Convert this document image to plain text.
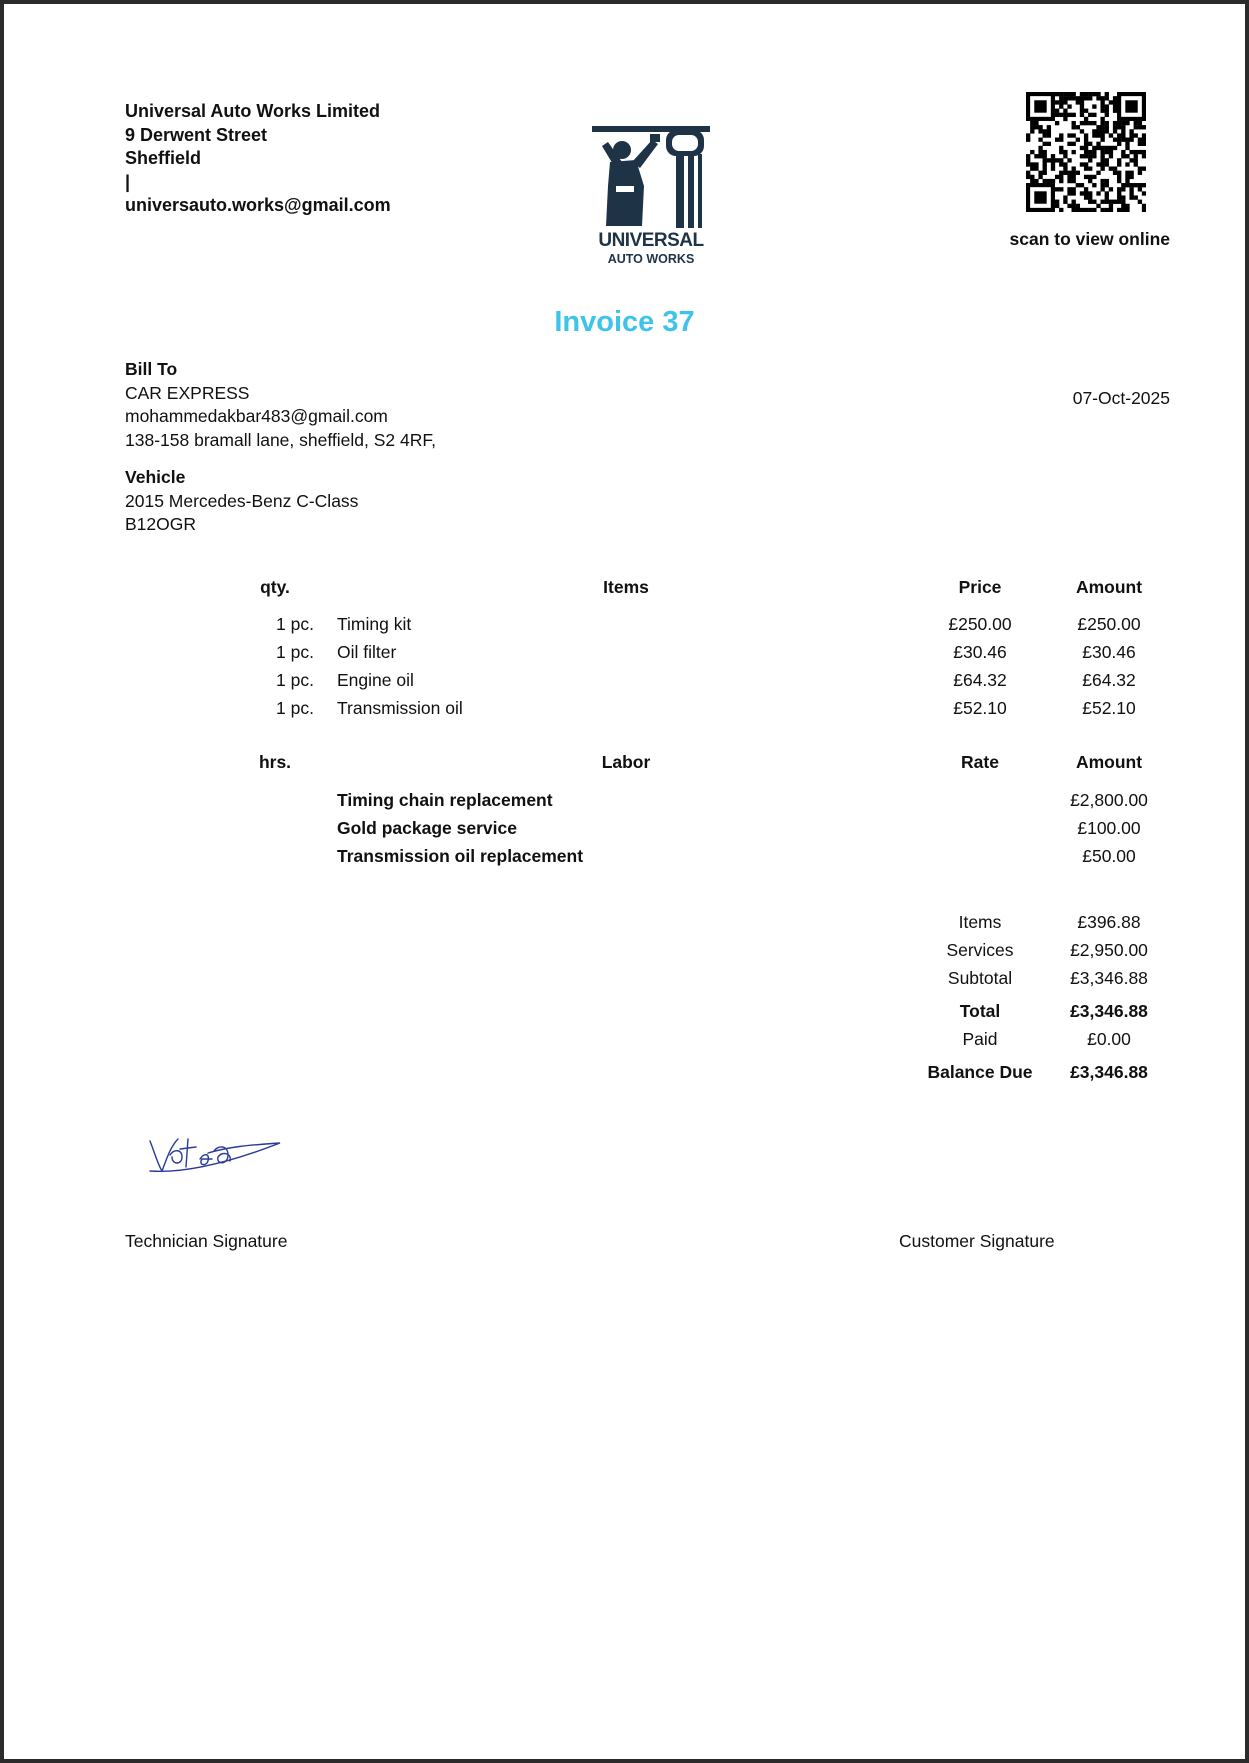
Universal Auto Works Limited
9 Derwent Street
Sheffield
|
universauto.works@gmail.com
UNIVERSAL
AUTO WORKS
scan to view online
Invoice 37
Bill To
CAR EXPRESS
mohammedakbar483@gmail.com
138-158 bramall lane, sheffield, S2 4RF,
07-Oct-2025
Vehicle
2015 Mercedes-Benz C-Class
B12OGR
qty.	Items	Price	Amount
1 pc. Timing kit	£250.00	£250.00
1 pc. Oil filter	£30.46	£30.46
1 pc. Engine oil	£64.32	£64.32
1 pc. Transmission oil	£52.10	£52.10
hrs.	Labor	Rate	Amount
Timing chain replacement	£2,800.00
Gold package service	£100.00
Transmission oil replacement	£50.00
Items	£396.88
Services	£2,950.00
Subtotal	£3,346.88
Total	£3,346.88
Paid	£0.00
Balance Due	£3,346.88
Technician Signature	Customer Signature
